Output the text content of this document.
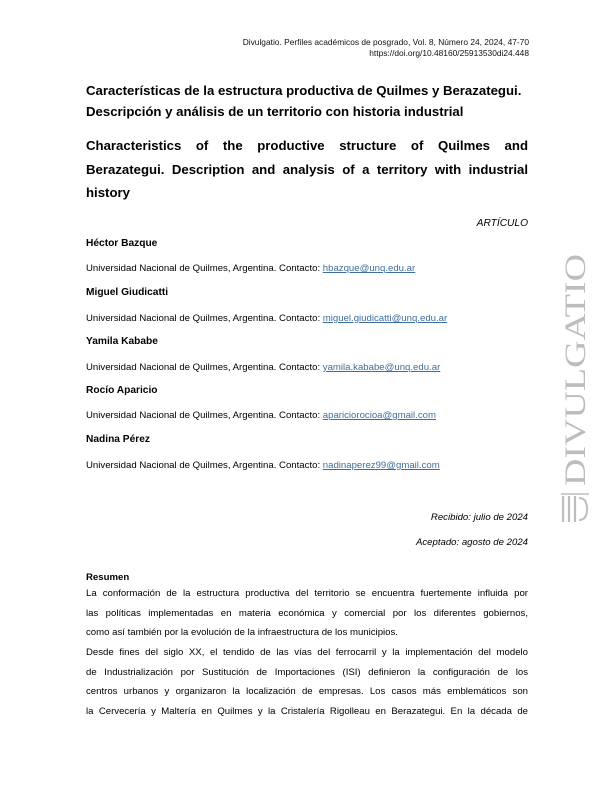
Divulgatio. Perfiles académicos de posgrado, Vol. 8, Número 24, 2024, 47-70
https://doi.org/10.48160/25913530di24.448
Características de la estructura productiva de Quilmes y Berazategui.
Descripción y análisis de un territorio con historia industrial
Characteristics of the productive structure of Quilmes and
Berazategui. Description and analysis of a territory with industrial
history
ARTÍCULO
Héctor Bazque
Universidad Nacional de Quilmes, Argentina. Contacto: hbazque@unq.edu.ar
Miguel Giudicatti
Universidad Nacional de Quilmes, Argentina. Contacto: miguel.giudicatti@unq.edu.ar
Yamila Kababe
Universidad Nacional de Quilmes, Argentina. Contacto: yamila.kababe@unq.edu.ar
Rocío Aparicio
Universidad Nacional de Quilmes, Argentina. Contacto: apariciorocioa@gmail.com
Nadina Pérez
Universidad Nacional de Quilmes, Argentina. Contacto: nadinaperez99@gmail.com
Recibido: julio de 2024
Aceptado: agosto de 2024
Resumen
La conformación de la estructura productiva del territorio se encuentra fuertemente influida por
las políticas implementadas en materia económica y comercial por los diferentes gobiernos,
como así también por la evolución de la infraestructura de los municipios.
Desde fines del siglo XX, el tendido de las vías del ferrocarril y la implementación del modelo
de Industrialización por Sustitución de Importaciones (ISI) definieron la configuración de los
centros urbanos y organizaron la localización de empresas. Los casos más emblemáticos son
la Cervecería y Maltería en Quilmes y la Cristalería Rigolleau en Berazategui. En la década de
DIVULGATIO
